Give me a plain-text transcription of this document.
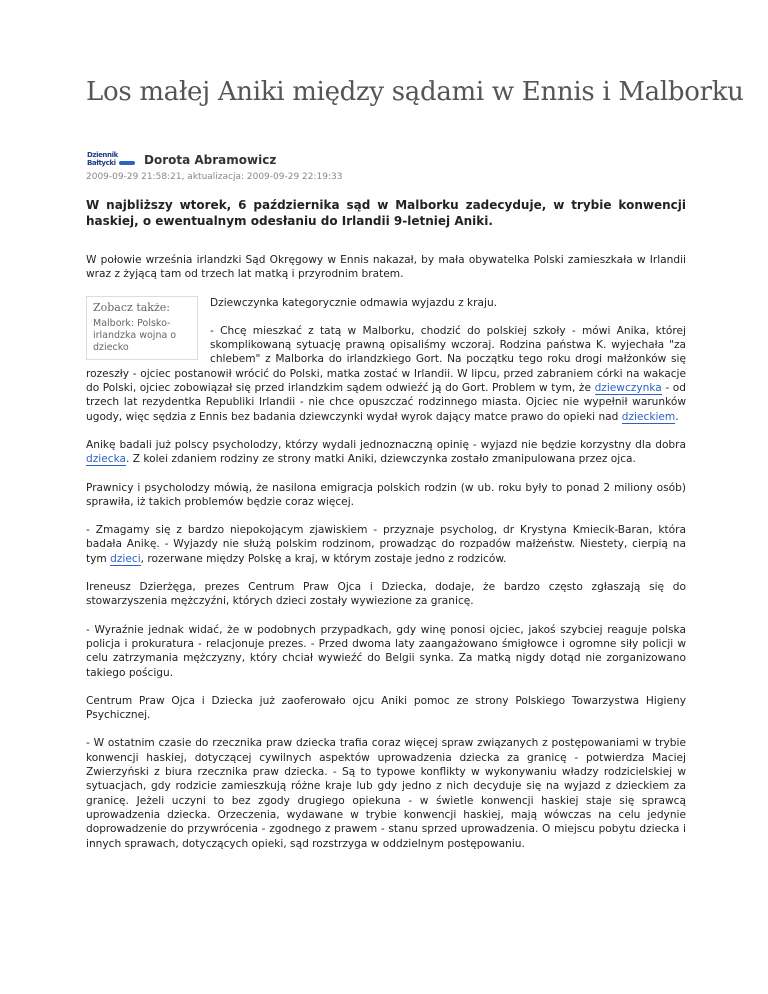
Los małej Aniki między sądami w Ennis i Malborku
Dziennik
Bałtycki Dorota Abramowicz
2009-09-29 21:58:21, aktualizacja: 2009-09-29 22:19:33
W najbliższy wtorek, 6 października sąd w Malborku zadecyduje, w trybie konwencji haskiej, o ewentualnym odesłaniu do Irlandii 9-letniej Aniki.

W połowie września irlandzki Sąd Okręgowy w Ennis nakazał, by mała obywatelka Polski zamieszkała w Irlandii wraz z żyjącą tam od trzech lat matką i przyrodnim bratem.

Zobacz także:
Malbork: Polsko-irlandzka wojna o dziecko

Dziewczynka kategorycznie odmawia wyjazdu z kraju.

- Chcę mieszkać z tatą w Malborku, chodzić do polskiej szkoły - mówi Anika, której skomplikowaną sytuację prawną opisaliśmy wczoraj. Rodzina państwa K. wyjechała "za chlebem" z Malborka do irlandzkiego Gort. Na początku tego roku drogi małżonków się rozeszły - ojciec postanowił wrócić do Polski, matka zostać w Irlandii. W lipcu, przed zabraniem córki na wakacje do Polski, ojciec zobowiązał się przed irlandzkim sądem odwieźć ją do Gort. Problem w tym, że dziewczynka - od trzech lat rezydentka Republiki Irlandii - nie chce opuszczać rodzinnego miasta. Ojciec nie wypełnił warunków ugody, więc sędzia z Ennis bez badania dziewczynki wydał wyrok dający matce prawo do opieki nad dzieckiem.

Anikę badali już polscy psycholodzy, którzy wydali jednoznaczną opinię - wyjazd nie będzie korzystny dla dobra dziecka. Z kolei zdaniem rodziny ze strony matki Aniki, dziewczynka zostało zmanipulowana przez ojca.

Prawnicy i psycholodzy mówią, że nasilona emigracja polskich rodzin (w ub. roku były to ponad 2 miliony osób) sprawiła, iż takich problemów będzie coraz więcej.

- Zmagamy się z bardzo niepokojącym zjawiskiem - przyznaje psycholog, dr Krystyna Kmiecik-Baran, która badała Anikę. - Wyjazdy nie służą polskim rodzinom, prowadząc do rozpadów małżeństw. Niestety, cierpią na tym dzieci, rozerwane między Polskę a kraj, w którym zostaje jedno z rodziców.

Ireneusz Dzierżęga, prezes Centrum Praw Ojca i Dziecka, dodaje, że bardzo często zgłaszają się do stowarzyszenia mężczyźni, których dzieci zostały wywiezione za granicę.

- Wyraźnie jednak widać, że w podobnych przypadkach, gdy winę ponosi ojciec, jakoś szybciej reaguje polska policja i prokuratura - relacjonuje prezes. - Przed dwoma laty zaangażowano śmigłowce i ogromne siły policji w celu zatrzymania mężczyzny, który chciał wywieźć do Belgii synka. Za matką nigdy dotąd nie zorganizowano takiego pościgu.

Centrum Praw Ojca i Dziecka już zaoferowało ojcu Aniki pomoc ze strony Polskiego Towarzystwa Higieny Psychicznej.

- W ostatnim czasie do rzecznika praw dziecka trafia coraz więcej spraw związanych z postępowaniami w trybie konwencji haskiej, dotyczącej cywilnych aspektów uprowadzenia dziecka za granicę - potwierdza Maciej Zwierzyński z biura rzecznika praw dziecka. - Są to typowe konflikty w wykonywaniu władzy rodzicielskiej w sytuacjach, gdy rodzicie zamieszkują różne kraje lub gdy jedno z nich decyduje się na wyjazd z dzieckiem za granicę. Jeżeli uczyni to bez zgody drugiego opiekuna - w świetle konwencji haskiej staje się sprawcą uprowadzenia dziecka. Orzeczenia, wydawane w trybie konwencji haskiej, mają wówczas na celu jedynie doprowadzenie do przywrócenia - zgodnego z prawem - stanu sprzed uprowadzenia. O miejscu pobytu dziecka i innych sprawach, dotyczących opieki, sąd rozstrzyga w oddzielnym postępowaniu.
